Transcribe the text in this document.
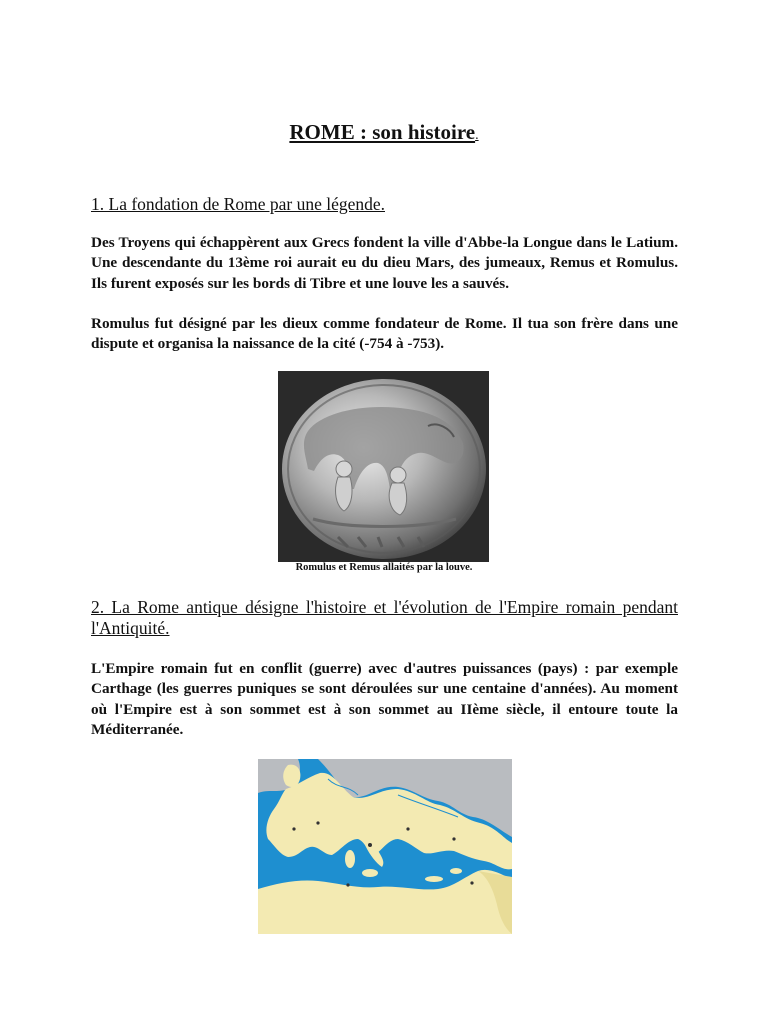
ROME : son histoire.
1. La fondation de Rome par une légende.

Des Troyens qui échappèrent aux Grecs fondent la ville d'Abbe-la Longue dans le Latium. Une descendante du 13ème roi aurait eu du dieu Mars, des jumeaux, Remus et Romulus. Ils furent exposés sur les bords di Tibre et une louve les a sauvés.

Romulus fut désigné par les dieux comme fondateur de Rome. Il tua son frère dans une dispute et organisa la naissance de la cité (-754 à -753).

Romulus et Remus allaités par la louve.

2. La Rome antique désigne l'histoire et l'évolution de l'Empire romain pendant l'Antiquité.

L'Empire romain fut en conflit (guerre) avec d'autres puissances (pays) : par exemple Carthage (les guerres puniques se sont déroulées sur une centaine d'années). Au moment où l'Empire est à son sommet est à son sommet au IIème siècle, il entoure toute la Méditerranée.
